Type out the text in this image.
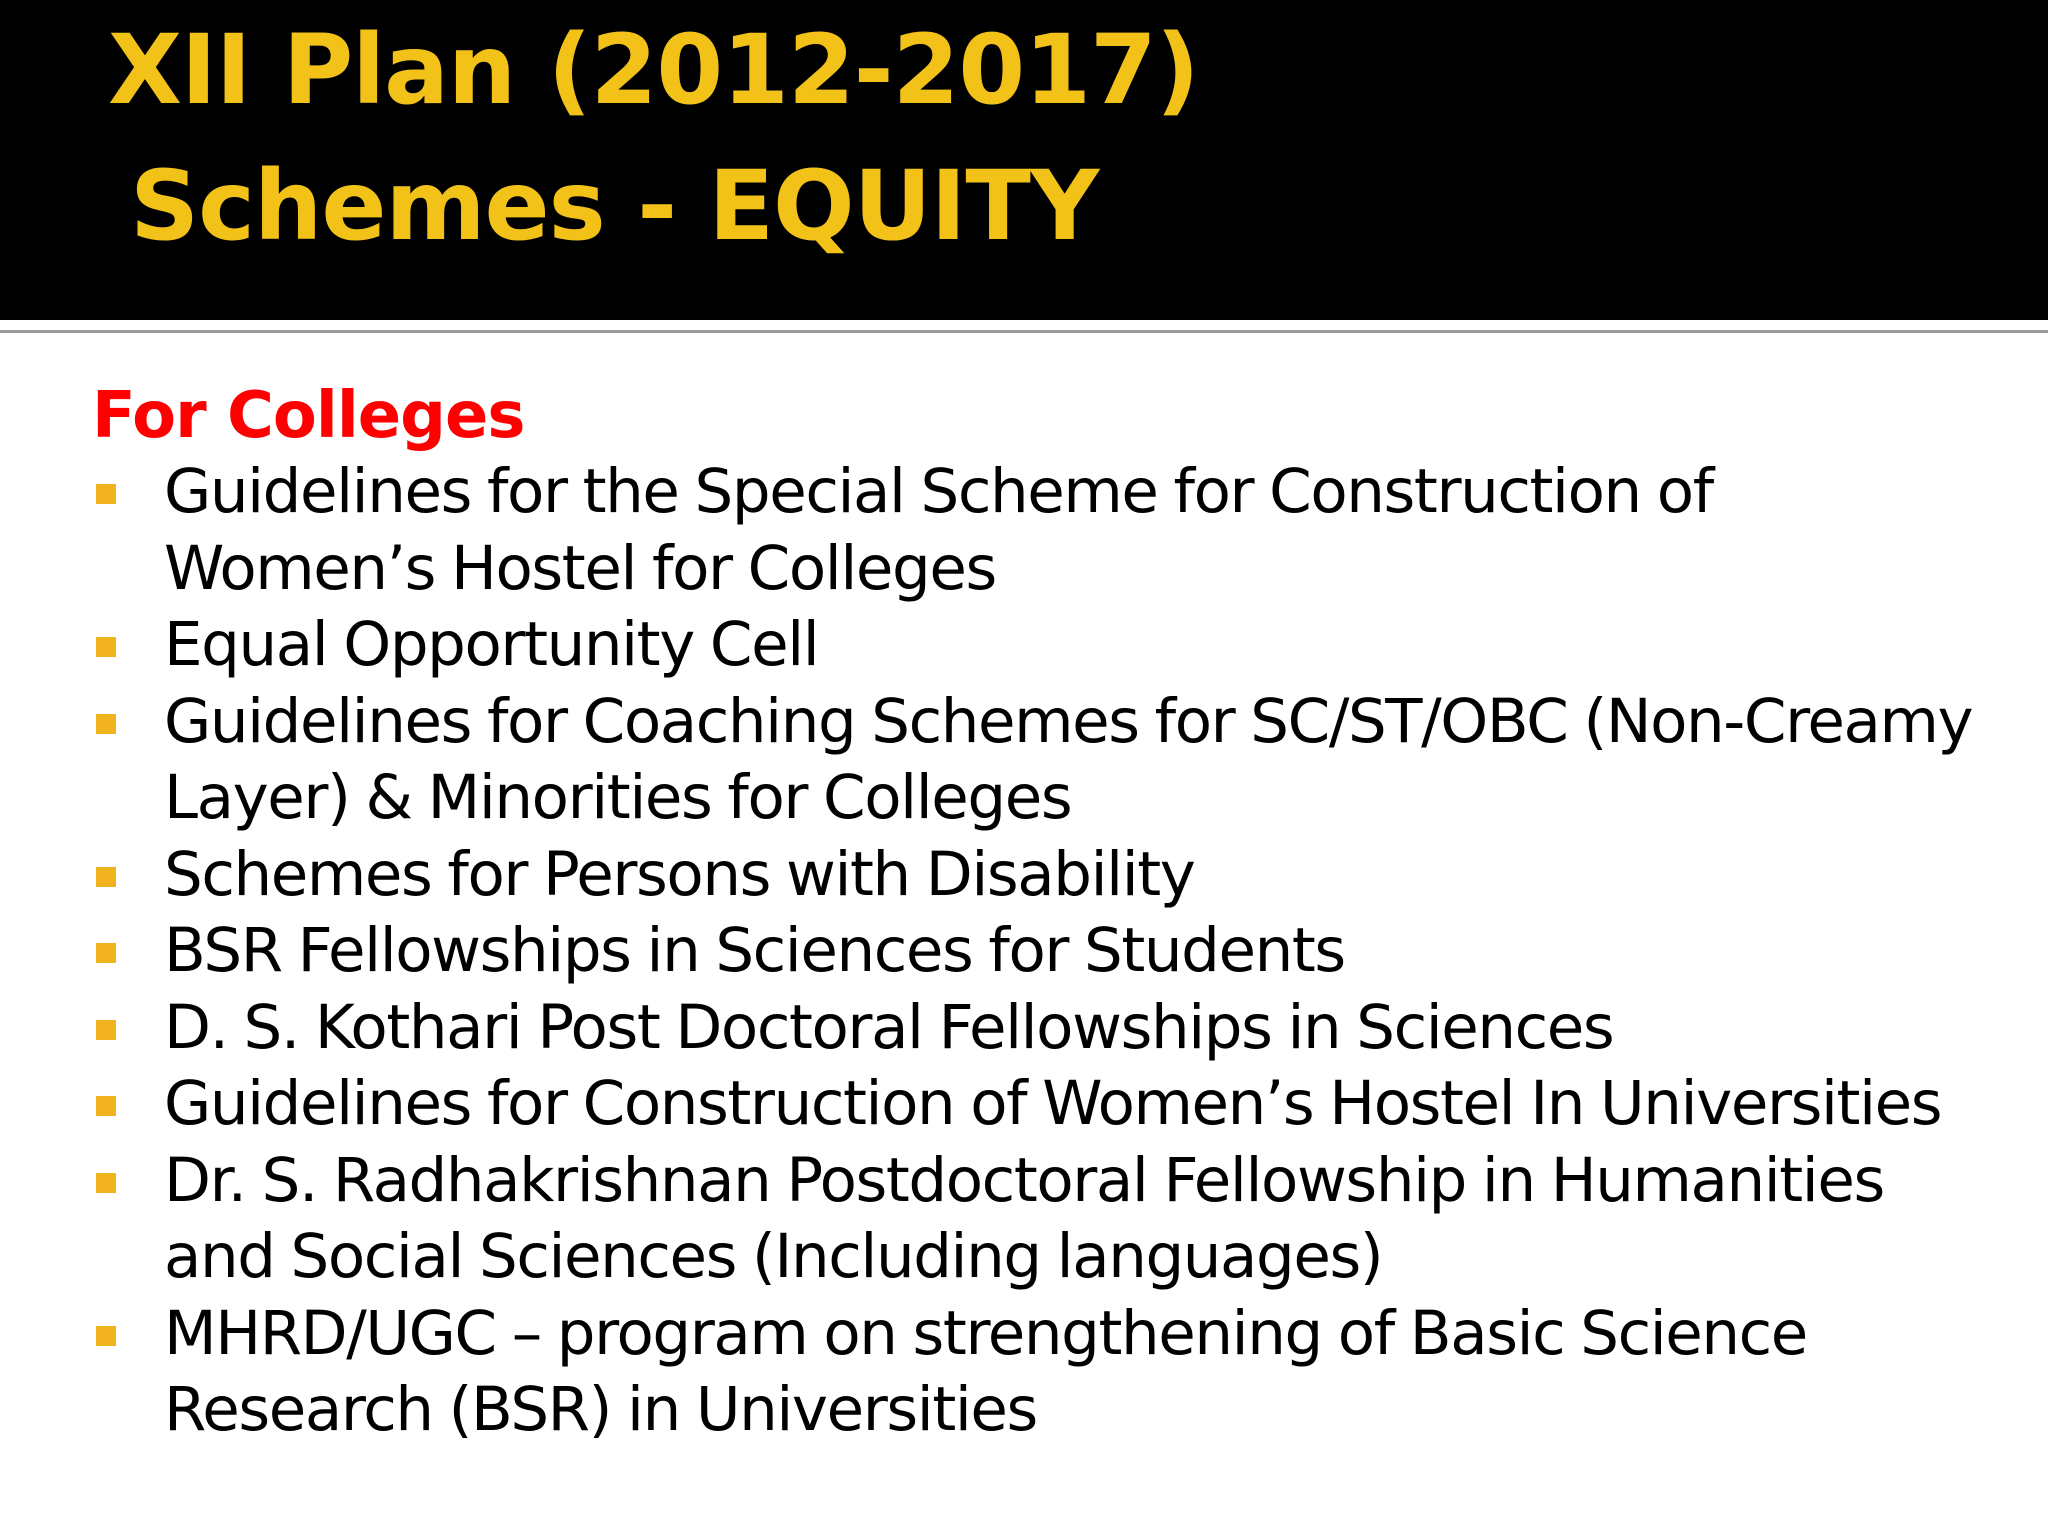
XII Plan (2012-2017)
Schemes - EQUITY
For Colleges
Guidelines for the Special Scheme for Construction of Women’s Hostel for Colleges
Equal Opportunity Cell
Guidelines for Coaching Schemes for SC/ST/OBC (Non-Creamy Layer) & Minorities for Colleges
Schemes for Persons with Disability
BSR Fellowships in Sciences for Students
D. S. Kothari Post Doctoral Fellowships in Sciences
Guidelines for Construction of Women’s Hostel In Universities
Dr. S. Radhakrishnan Postdoctoral Fellowship in Humanities and Social Sciences (Including languages)
MHRD/UGC – program on strengthening of Basic Science Research (BSR) in Universities
